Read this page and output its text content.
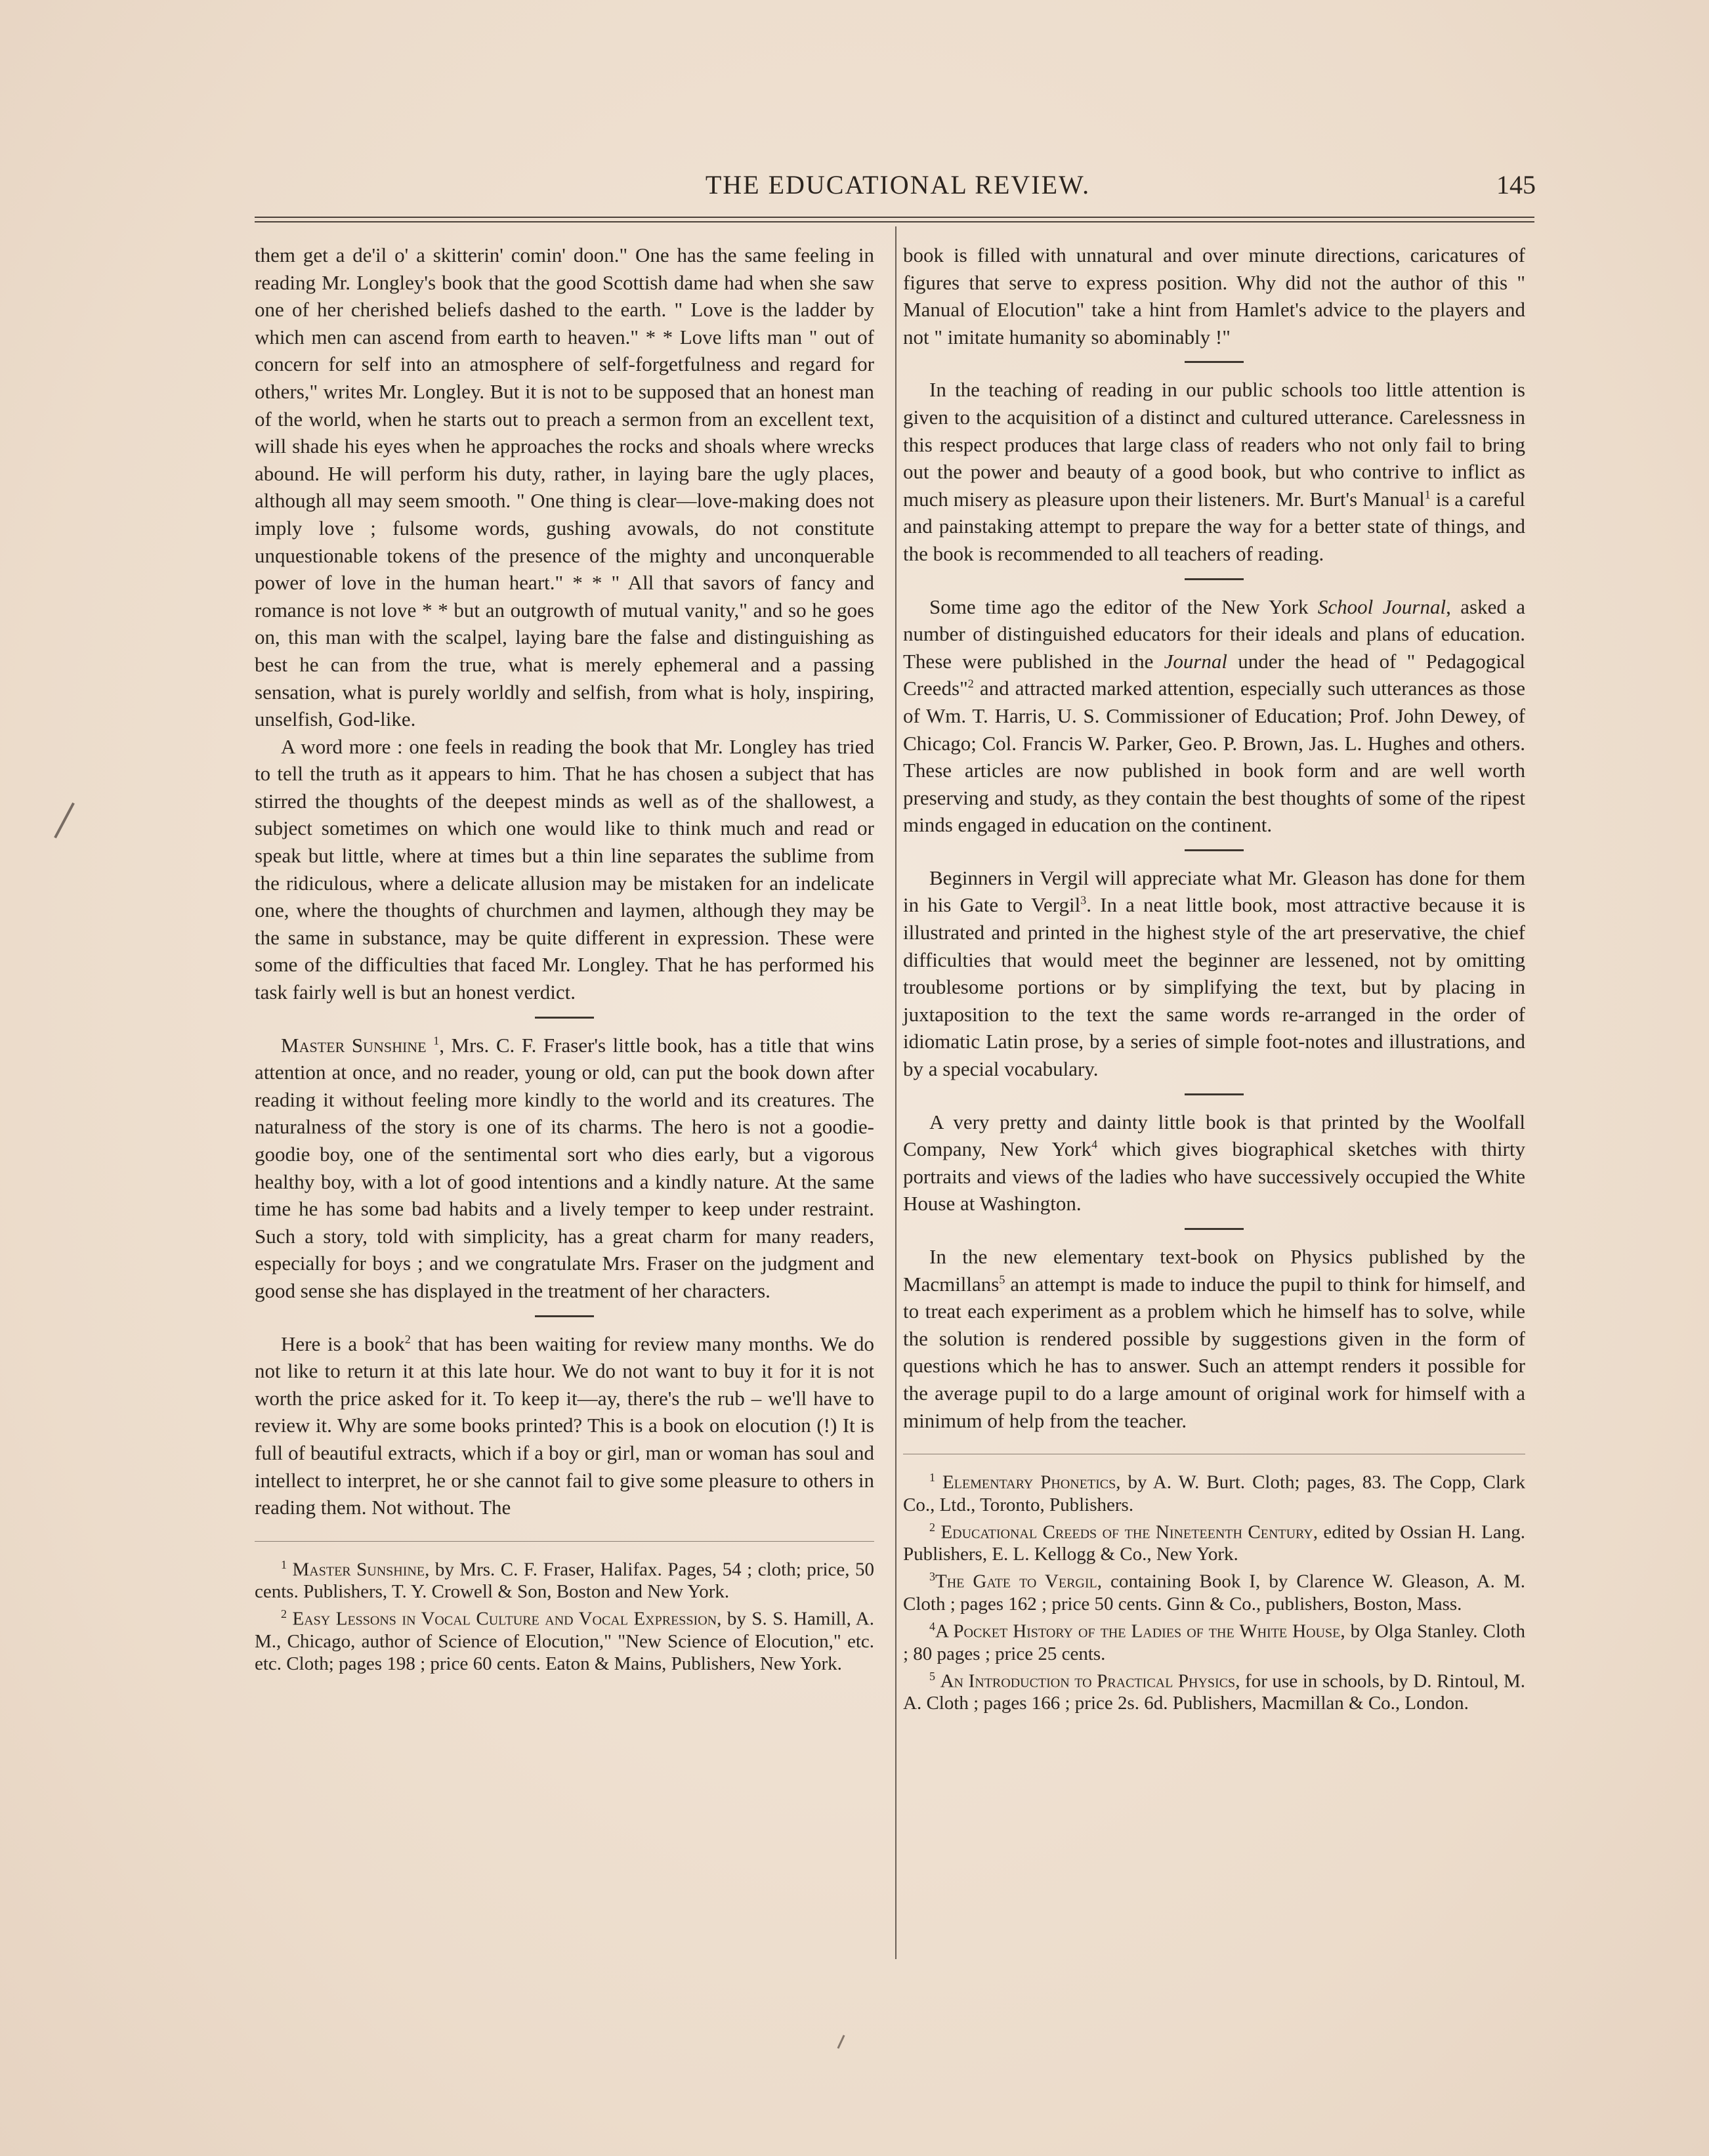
THE EDUCATIONAL REVIEW.	145

them get a de'il o' a skitterin' comin' doon." One has the same feeling in reading Mr. Longley's book that the good Scottish dame had when she saw one of her cherished beliefs dashed to the earth. " Love is the ladder by which men can ascend from earth to heaven." * * Love lifts man " out of concern for self into an atmosphere of self-forgetfulness and regard for others," writes Mr. Longley. But it is not to be supposed that an honest man of the world, when he starts out to preach a sermon from an excellent text, will shade his eyes when he approaches the rocks and shoals where wrecks abound. He will perform his duty, rather, in laying bare the ugly places, although all may seem smooth. " One thing is clear—love-making does not imply love ; fulsome words, gushing avowals, do not constitute unquestionable tokens of the presence of the mighty and unconquerable power of love in the human heart." * * " All that savors of fancy and romance is not love * * but an outgrowth of mutual vanity," and so he goes on, this man with the scalpel, laying bare the false and distinguishing as best he can from the true, what is merely ephemeral and a passing sensation, what is purely worldly and selfish, from what is holy, inspiring, unselfish, God-like.

A word more : one feels in reading the book that Mr. Longley has tried to tell the truth as it appears to him. That he has chosen a subject that has stirred the thoughts of the deepest minds as well as of the shallowest, a subject sometimes on which one would like to think much and read or speak but little, where at times but a thin line separates the sublime from the ridiculous, where a delicate allusion may be mistaken for an indelicate one, where the thoughts of churchmen and laymen, although they may be the same in substance, may be quite different in expression. These were some of the difficulties that faced Mr. Longley. That he has performed his task fairly well is but an honest verdict.

Master Sunshine $^1$, Mrs. C. F. Fraser's little book, has a title that wins attention at once, and no reader, young or old, can put the book down after reading it without feeling more kindly to the world and its creatures. The naturalness of the story is one of its charms. The hero is not a goodie-goodie boy, one of the sentimental sort who dies early, but a vigorous healthy boy, with a lot of good intentions and a kindly nature. At the same time he has some bad habits and a lively temper to keep under restraint. Such a story, told with simplicity, has a great charm for many readers, especially for boys ; and we congratulate Mrs. Fraser on the judgment and good sense she has displayed in the treatment of her characters.

Here is a book$^2$ that has been waiting for review many months. We do not like to return it at this late hour. We do not want to buy it for it is not worth the price asked for it. To keep it—ay, there's the rub – we'll have to review it. Why are some books printed? This is a book on elocution (!) It is full of beautiful extracts, which if a boy or girl, man or woman has soul and intellect to interpret, he or she cannot fail to give some pleasure to others in reading them. Not without. The

$^1$ Master Sunshine, by Mrs. C. F. Fraser, Halifax. Pages, 54 ; cloth; price, 50 cents. Publishers, T. Y. Crowell & Son, Boston and New York.

$^2$ Easy Lessons in Vocal Culture and Vocal Expression, by S. S. Hamill, A. M., Chicago, author of Science of Elocution," "New Science of Elocution," etc. etc. Cloth; pages 198 ; price 60 cents. Eaton & Mains, Publishers, New York.

book is filled with unnatural and over minute directions, caricatures of figures that serve to express position. Why did not the author of this " Manual of Elocution" take a hint from Hamlet's advice to the players and not " imitate humanity so abominably !"

In the teaching of reading in our public schools too little attention is given to the acquisition of a distinct and cultured utterance. Carelessness in this respect produces that large class of readers who not only fail to bring out the power and beauty of a good book, but who contrive to inflict as much misery as pleasure upon their listeners. Mr. Burt's Manual$^1$ is a careful and painstaking attempt to prepare the way for a better state of things, and the book is recommended to all teachers of reading.

Some time ago the editor of the New York School Journal, asked a number of distinguished educators for their ideals and plans of education. These were published in the Journal under the head of " Pedagogical Creeds"$^2$ and attracted marked attention, especially such utterances as those of Wm. T. Harris, U. S. Commissioner of Education; Prof. John Dewey, of Chicago; Col. Francis W. Parker, Geo. P. Brown, Jas. L. Hughes and others. These articles are now published in book form and are well worth preserving and study, as they contain the best thoughts of some of the ripest minds engaged in education on the continent.

Beginners in Vergil will appreciate what Mr. Gleason has done for them in his Gate to Vergil$^3$. In a neat little book, most attractive because it is illustrated and printed in the highest style of the art preservative, the chief difficulties that would meet the beginner are lessened, not by omitting troublesome portions or by simplifying the text, but by placing in juxtaposition to the text the same words re-arranged in the order of idiomatic Latin prose, by a series of simple foot-notes and illustrations, and by a special vocabulary.

A very pretty and dainty little book is that printed by the Woolfall Company, New York$^4$ which gives biographical sketches with thirty portraits and views of the ladies who have successively occupied the White House at Washington.

In the new elementary text-book on Physics published by the Macmillans$^5$ an attempt is made to induce the pupil to think for himself, and to treat each experiment as a problem which he himself has to solve, while the solution is rendered possible by suggestions given in the form of questions which he has to answer. Such an attempt renders it possible for the average pupil to do a large amount of original work for himself with a minimum of help from the teacher.

$^1$ Elementary Phonetics, by A. W. Burt. Cloth; pages, 83. The Copp, Clark Co., Ltd., Toronto, Publishers.

$^2$ Educational Creeds of the Nineteenth Century, edited by Ossian H. Lang. Publishers, E. L. Kellogg & Co., New York.

$^3$The Gate to Vergil, containing Book I, by Clarence W. Gleason, A. M. Cloth ; pages 162 ; price 50 cents. Ginn & Co., publishers, Boston, Mass.

$^4$A Pocket History of the Ladies of the White House, by Olga Stanley. Cloth ; 80 pages ; price 25 cents.

$^5$ An Introduction to Practical Physics, for use in schools, by D. Rintoul, M. A. Cloth ; pages 166 ; price 2s. 6d. Publishers, Macmillan & Co., London.
